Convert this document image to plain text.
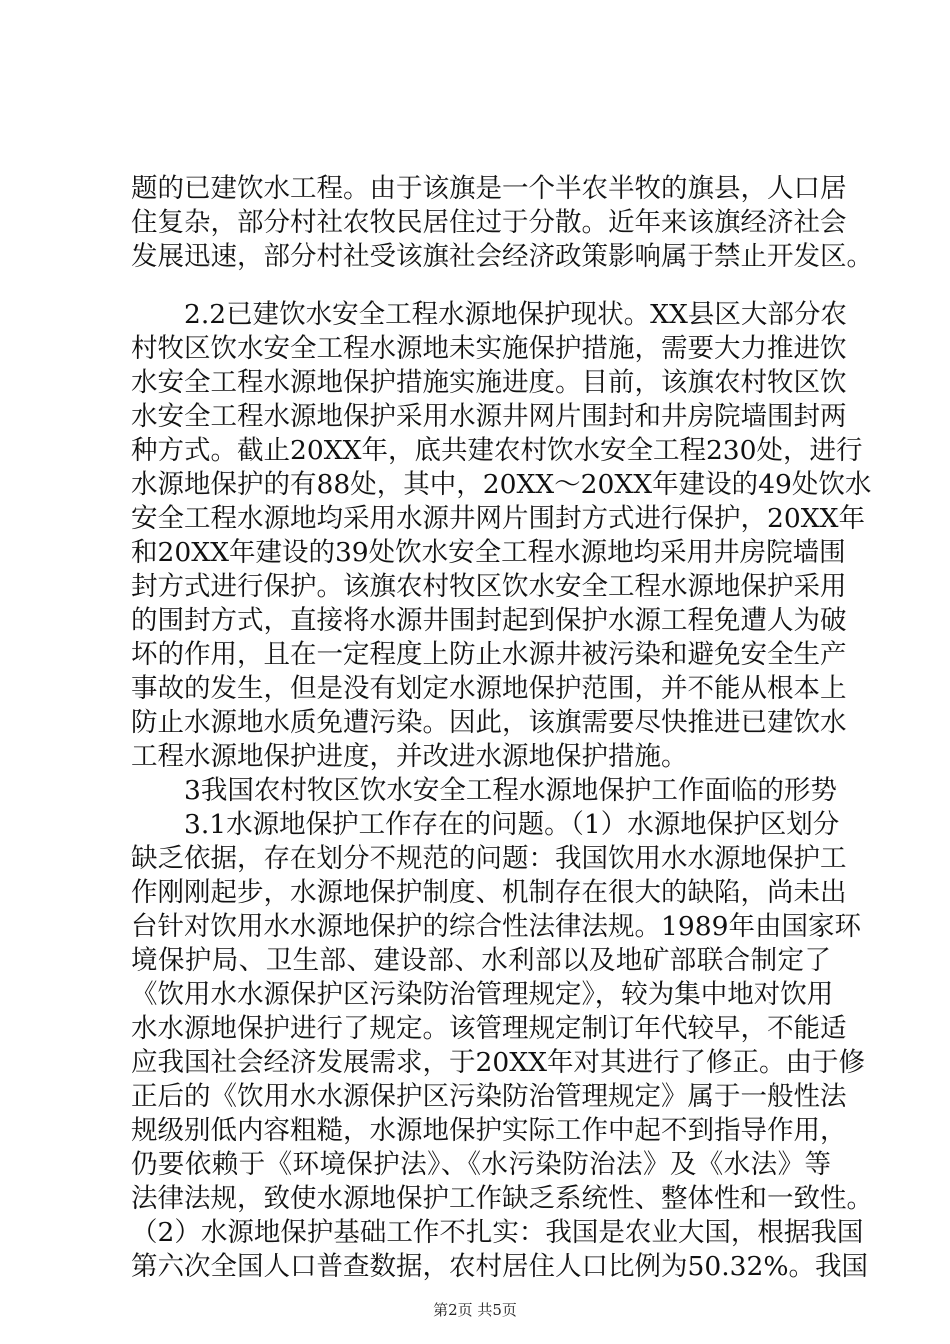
题的已建饮水工程。由于该旗是一个半农半牧的旗县，人口居
住复杂，部分村社农牧民居住过于分散。近年来该旗经济社会
发展迅速，部分村社受该旗社会经济政策影响属于禁止开发区。
　　2.2已建饮水安全工程水源地保护现状。XX县区大部分农
村牧区饮水安全工程水源地未实施保护措施，需要大力推进饮
水安全工程水源地保护措施实施进度。目前，该旗农村牧区饮
水安全工程水源地保护采用水源井网片围封和井房院墙围封两
种方式。截止20XX年，底共建农村饮水安全工程230处，进行
水源地保护的有88处，其中，20XX～20XX年建设的49处饮水
安全工程水源地均采用水源井网片围封方式进行保护，20XX年
和20XX年建设的39处饮水安全工程水源地均采用井房院墙围
封方式进行保护。该旗农村牧区饮水安全工程水源地保护采用
的围封方式，直接将水源井围封起到保护水源工程免遭人为破
坏的作用，且在一定程度上防止水源井被污染和避免安全生产
事故的发生，但是没有划定水源地保护范围，并不能从根本上
防止水源地水质免遭污染。因此，该旗需要尽快推进已建饮水
工程水源地保护进度，并改进水源地保护措施。
　　3我国农村牧区饮水安全工程水源地保护工作面临的形势
　　3.1水源地保护工作存在的问题。（1）水源地保护区划分
缺乏依据，存在划分不规范的问题：我国饮用水水源地保护工
作刚刚起步，水源地保护制度、机制存在很大的缺陷，尚未出
台针对饮用水水源地保护的综合性法律法规。1989年由国家环
境保护局、卫生部、建设部、水利部以及地矿部联合制定了
《饮用水水源保护区污染防治管理规定》，较为集中地对饮用
水水源地保护进行了规定。该管理规定制订年代较早，不能适
应我国社会经济发展需求，于20XX年对其进行了修正。由于修
正后的《饮用水水源保护区污染防治管理规定》属于一般性法
规级别低内容粗糙，水源地保护实际工作中起不到指导作用，
仍要依赖于《环境保护法》、《水污染防治法》及《水法》等
法律法规，致使水源地保护工作缺乏系统性、整体性和一致性。
（2）水源地保护基础工作不扎实：我国是农业大国，根据我国
第六次全国人口普查数据，农村居住人口比例为50.32%。我国
第2页 共5页
